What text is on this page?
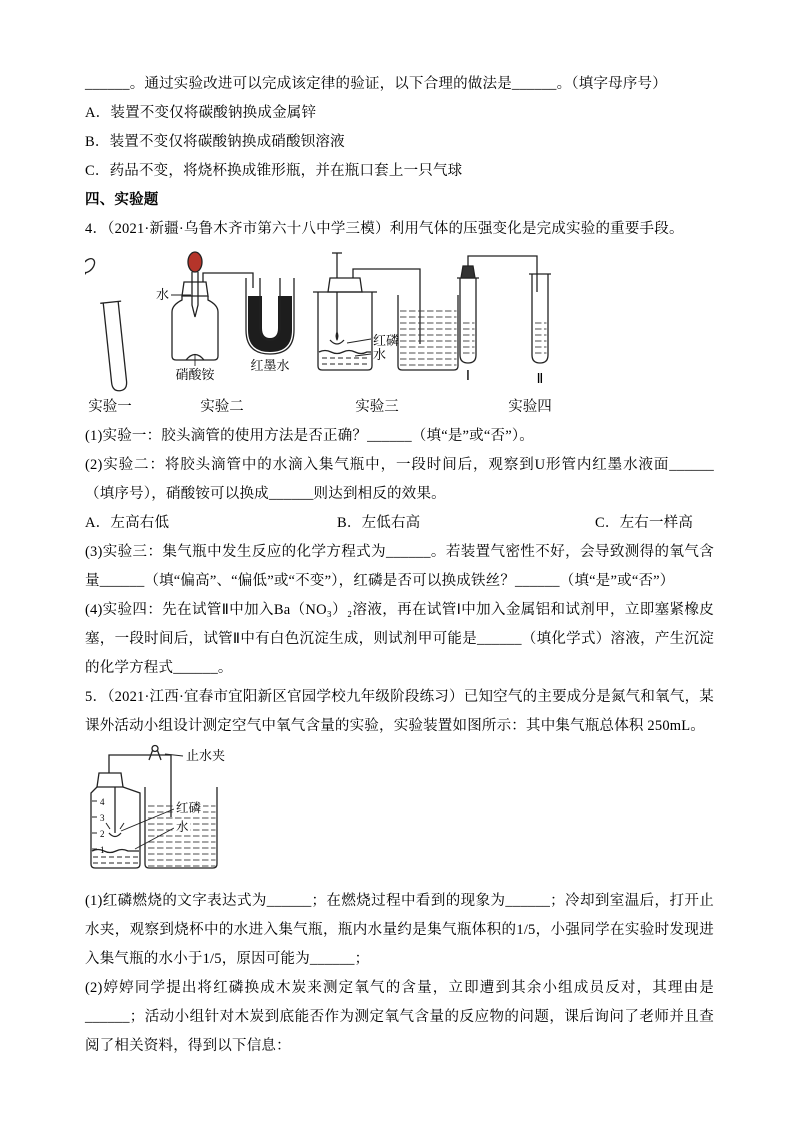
______。通过实验改进可以完成该定律的验证，以下合理的做法是______。（填字母序号）

A．装置不变仅将碳酸钠换成金属锌

B．装置不变仅将碳酸钠换成硝酸钡溶液

C．药品不变，将烧杯换成锥形瓶，并在瓶口套上一只气球

四、实验题

4．（2021·新疆·乌鲁木齐市第六十八中学三模）利用气体的压强变化是完成实验的重要手段。

水
硝酸铵
红墨水
红磷
水
Ⅰ	Ⅱ
实验一	实验二	实验三	实验四

(1)实验一：胶头滴管的使用方法是否正确？______（填“是”或“否”）。

(2)实验二：将胶头滴管中的水滴入集气瓶中，一段时间后，观察到U形管内红墨水液面______（填序号），硝酸铵可以换成______则达到相反的效果。

A．左高右低	B．左低右高	C．左右一样高

(3)实验三：集气瓶中发生反应的化学方程式为______。若装置气密性不好，会导致测得的氧气含量______（填“偏高”、“偏低”或“不变”），红磷是否可以换成铁丝？______（填“是”或“否”）

(4)实验四：先在试管Ⅱ中加入Ba（NO₃）₂溶液，再在试管Ⅰ中加入金属铝和试剂甲，立即塞紧橡皮塞，一段时间后，试管Ⅱ中有白色沉淀生成，则试剂甲可能是______（填化学式）溶液，产生沉淀的化学方程式______。

5．（2021·江西·宜春市宜阳新区官园学校九年级阶段练习）已知空气的主要成分是氮气和氧气，某课外活动小组设计测定空气中氧气含量的实验，实验装置如图所示：其中集气瓶总体积 250mL。

红磷
水
止水夹
4
3
2
1

(1)红磷燃烧的文字表达式为______；在燃烧过程中看到的现象为______；冷却到室温后，打开止水夹，观察到烧杯中的水进入集气瓶，瓶内水量约是集气瓶体积的1/5，小强同学在实验时发现进入集气瓶的水小于1/5，原因可能为______；

(2)婷婷同学提出将红磷换成木炭来测定氧气的含量，立即遭到其余小组成员反对，其理由是______；活动小组针对木炭到底能否作为测定氧气含量的反应物的问题，课后询问了老师并且查阅了相关资料，得到以下信息：
